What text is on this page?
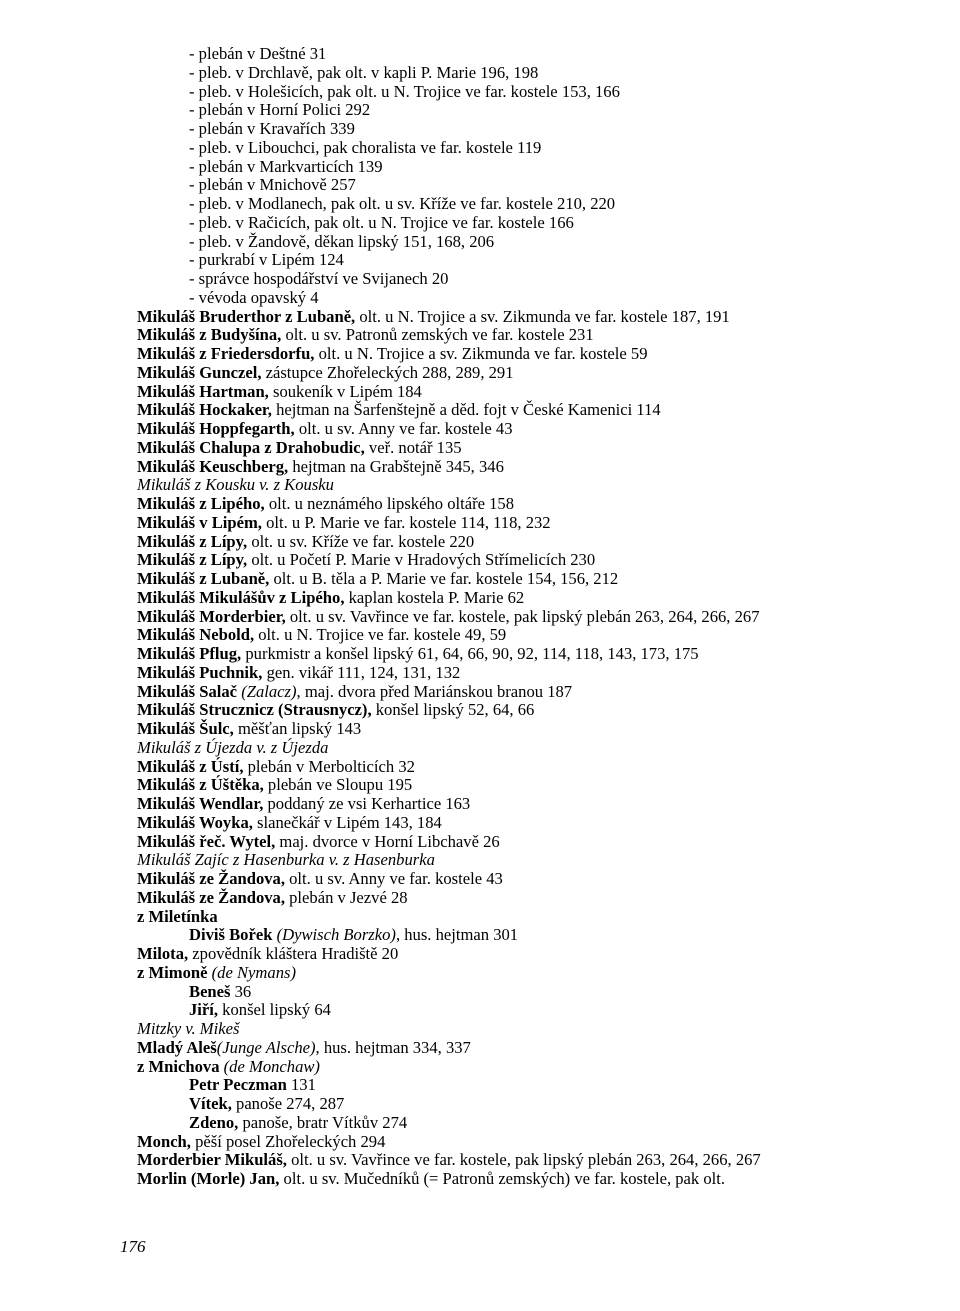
- plebán v Deštné 31
- pleb. v Drchlavě, pak olt. v kapli P. Marie 196, 198
- pleb. v Holešicích, pak olt. u N. Trojice ve far. kostele 153, 166
- plebán v Horní Polici 292
- plebán v Kravařích 339
- pleb. v Libouchci, pak choralista ve far. kostele 119
- plebán v Markvarticích 139
- plebán v Mnichově 257
- pleb. v Modlanech, pak olt. u sv. Kříže ve far. kostele 210, 220
- pleb. v Račicích, pak olt. u N. Trojice ve far. kostele 166
- pleb. v Žandově, děkan lipský 151, 168, 206
- purkrabí v Lipém 124
- správce hospodářství ve Svijanech 20
- vévoda opavský 4
Mikuláš Bruderthor z Lubaně, olt. u N. Trojice a sv. Zikmunda ve far. kostele 187, 191
Mikuláš z Budyšína, olt. u sv. Patronů zemských ve far. kostele 231
Mikuláš z Friedersdorfu, olt. u N. Trojice a sv. Zikmunda ve far. kostele 59
Mikuláš Gunczel, zástupce Zhořeleckých 288, 289, 291
Mikuláš Hartman, soukeník v Lipém 184
Mikuláš Hockaker, hejtman na Šarfenštejně a děd. fojt v České Kamenici 114
Mikuláš Hoppfegarth, olt. u sv. Anny ve far. kostele 43
Mikuláš Chalupa z Drahobudic, veř. notář 135
Mikuláš Keuschberg, hejtman na Grabštejně 345, 346
Mikuláš z Kousku v. z Kousku
Mikuláš z Lipého, olt. u neznámého lipského oltáře 158
Mikuláš v Lipém, olt. u P. Marie ve far. kostele 114, 118, 232
Mikuláš z Lípy, olt. u sv. Kříže ve far. kostele 220
Mikuláš z Lípy, olt. u Početí P. Marie v Hradových Střímelicích 230
Mikuláš z Lubaně, olt. u B. těla a P. Marie ve far. kostele 154, 156, 212
Mikuláš Mikulášův z Lipého, kaplan kostela P. Marie 62
Mikuláš Morderbier, olt. u sv. Vavřince ve far. kostele, pak lipský plebán 263, 264, 266, 267
Mikuláš Nebold, olt. u N. Trojice ve far. kostele 49, 59
Mikuláš Pflug, purkmistr a konšel lipský 61, 64, 66, 90, 92, 114, 118, 143, 173, 175
Mikuláš Puchnik, gen. vikář 111, 124, 131, 132
Mikuláš Salač (Zalacz), maj. dvora před Mariánskou branou 187
Mikuláš Strucznicz (Strausnycz), konšel lipský 52, 64, 66
Mikuláš Šulc, měšťan lipský 143
Mikuláš z Újezda v. z Újezda
Mikuláš z Ústí, plebán v Merbolticích 32
Mikuláš z Úštěka, plebán ve Sloupu 195
Mikuláš Wendlar, poddaný ze vsi Kerhartice 163
Mikuláš Woyka, slanečkář v Lipém 143, 184
Mikuláš řeč. Wytel, maj. dvorce v Horní Libchavě 26
Mikuláš Zajíc z Hasenburka v. z Hasenburka
Mikuláš ze Žandova, olt. u sv. Anny ve far. kostele 43
Mikuláš ze Žandova, plebán v Jezvé 28
z Miletínka
Diviš Bořek (Dywisch Borzko), hus. hejtman 301
Milota, zpovědník kláštera Hradiště 20
z Mimoně (de Nymans)
Beneš 36
Jiří, konšel lipský 64
Mitzky v. Mikeš
Mladý Aleš(Junge Alsche), hus. hejtman 334, 337
z Mnichova (de Monchaw)
Petr Peczman 131
Vítek, panoše 274, 287
Zdeno, panoše, bratr Vítkův 274
Monch, pěší posel Zhořeleckých 294
Morderbier Mikuláš, olt. u sv. Vavřince ve far. kostele, pak lipský plebán 263, 264, 266, 267
Morlin (Morle) Jan, olt. u sv. Mučedníků (= Patronů zemských) ve far. kostele, pak olt.
176
